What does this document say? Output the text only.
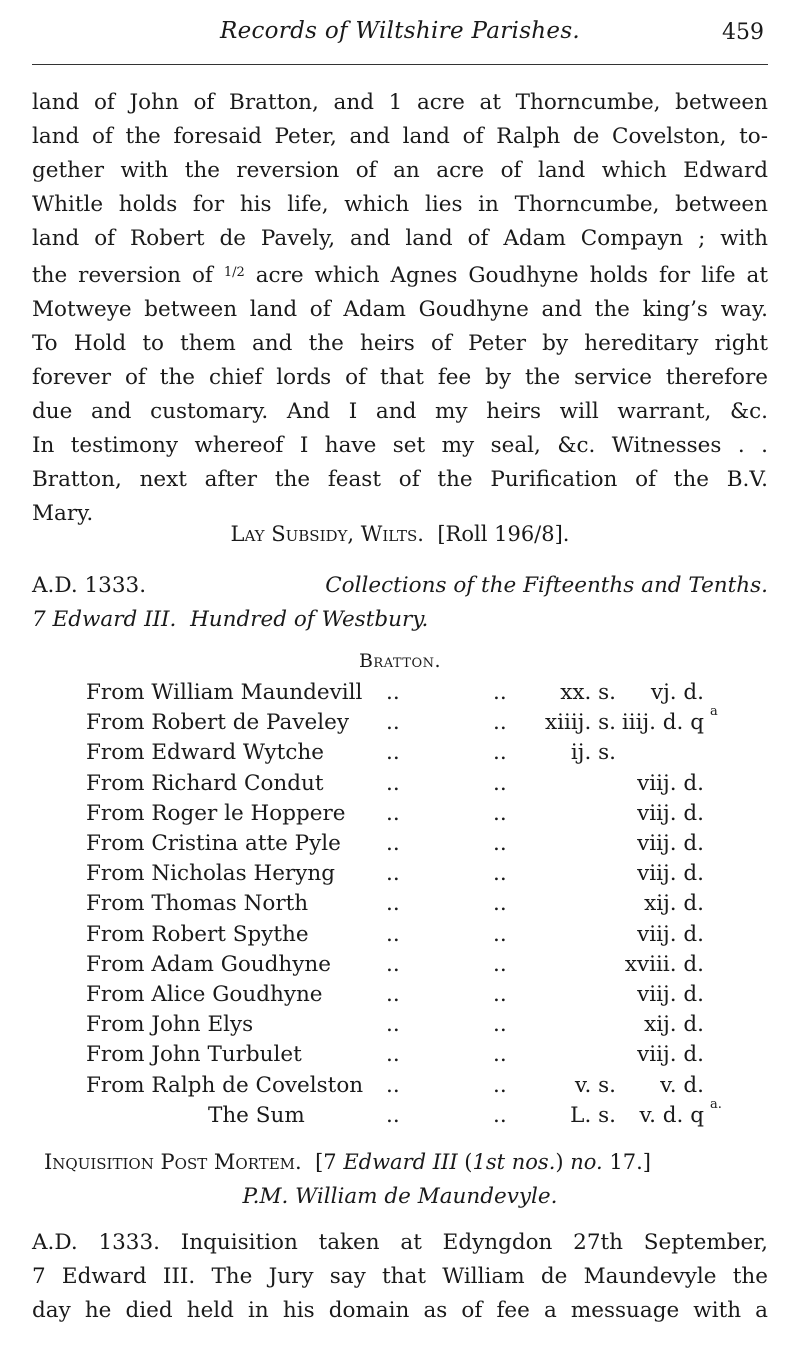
Records of Wiltshire Parishes.	459
land of John of Bratton, and 1 acre at Thorncumbe, between
land of the foresaid Peter, and land of Ralph de Covelston, to-
gether with the reversion of an acre of land which Edward
Whitle holds for his life, which lies in Thorncumbe, between
land of Robert de Pavely, and land of Adam Compayn ; with
the reversion of $^{1/2}$ acre which Agnes Goudhyne holds for life at
Motweye between land of Adam Goudhyne and the king’s way.
To Hold to them and the heirs of Peter by hereditary right
forever of the chief lords of that fee by the service therefore
due and customary. And I and my heirs will warrant, &c.
In testimony whereof I have set my seal, &c. Witnesses . .
Bratton, next after the feast of the Purification of the B.V.
Mary.
Lay Subsidy, Wilts. [Roll 196/8].
A.D. 1333.	Collections of the Fifteenths and Tenths.
7 Edward III. Hundred of Westbury.
Bratton.
From William Maundevill ..	.. xx. s. vj. d.
From Robert de Paveley ..	.. xiiij. s. iiij. d. q a
From Edward Wytche	..	..	ij. s.
From Richard Condut	..	..	viij. d.
From Roger le Hoppere ..	..	viij. d.
From Cristina atte Pyle ..	..	viij. d.
From Nicholas Heryng ..	..	viij. d.
From Thomas North	..	..	xij. d.
From Robert Spythe	..	..	viij. d.
From Adam Goudhyne	..	..	xviii. d.
From Alice Goudhyne	..	..	viij. d.
From John Elys	..	..	xij. d.
From John Turbulet	..	..	viij. d.
From Ralph de Covelston ..	..	v. s. v. d.
The Sum	..	..	L. s. v. d. q a.
Inquisition Post Mortem. [7 Edward III (1st nos.) no. 17.]
P.M. William de Maundevyle.
A.D. 1333. Inquisition taken at Edyngdon 27th September,
7 Edward III. The Jury say that William de Maundevyle the
day he died held in his domain as of fee a messuage with a
